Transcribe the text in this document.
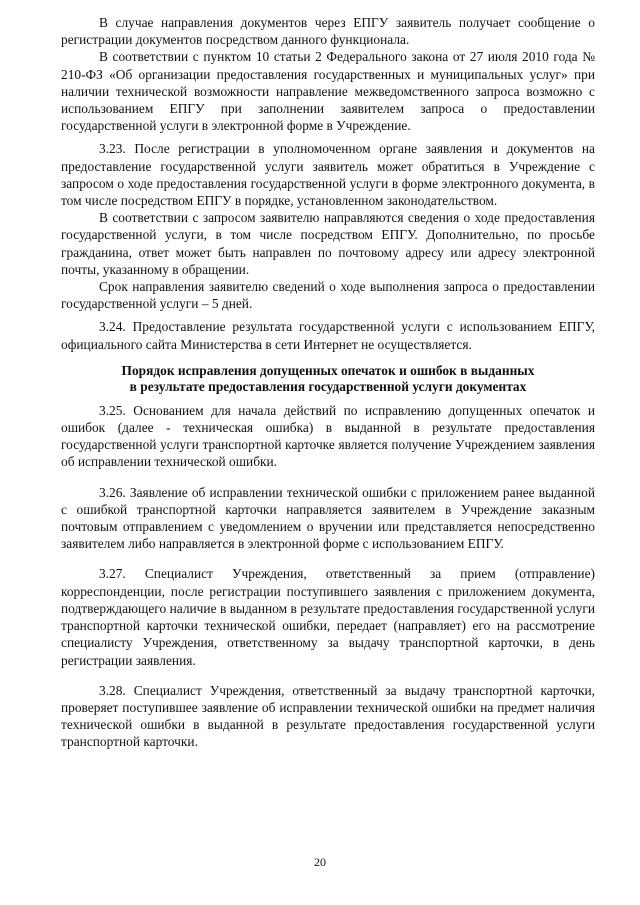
В случае направления документов через ЕПГУ заявитель получает сообщение о регистрации документов посредством данного функционала.

В соответствии с пунктом 10 статьи 2 Федерального закона от 27 июля 2010 года № 210-ФЗ «Об организации предоставления государственных и муниципальных услуг» при наличии технической возможности направление межведомственного запроса возможно с использованием ЕПГУ при заполнении заявителем запроса о предоставлении государственной услуги в электронной форме в Учреждение.

3.23. После регистрации в уполномоченном органе заявления и документов на предоставление государственной услуги заявитель может обратиться в Учреждение с запросом о ходе предоставления государственной услуги в форме электронного документа, в том числе посредством ЕПГУ в порядке, установленном законодательством.

В соответствии с запросом заявителю направляются сведения о ходе предоставления государственной услуги, в том числе посредством ЕПГУ. Дополнительно, по просьбе гражданина, ответ может быть направлен по почтовому адресу или адресу электронной почты, указанному в обращении.

Срок направления заявителю сведений о ходе выполнения запроса о предоставлении государственной услуги – 5 дней.

3.24. Предоставление результата государственной услуги с использованием ЕПГУ, официального сайта Министерства в сети Интернет не осуществляется.

Порядок исправления допущенных опечаток и ошибок в выданных
в результате предоставления государственной услуги документах

3.25. Основанием для начала действий по исправлению допущенных опечаток и ошибок (далее - техническая ошибка) в выданной в результате предоставления государственной услуги транспортной карточке является получение Учреждением заявления об исправлении технической ошибки.

3.26. Заявление об исправлении технической ошибки с приложением ранее выданной с ошибкой транспортной карточки направляется заявителем в Учреждение заказным почтовым отправлением с уведомлением о вручении или представляется непосредственно заявителем либо направляется в электронной форме с использованием ЕПГУ.

3.27. Специалист Учреждения, ответственный за прием (отправление) корреспонденции, после регистрации поступившего заявления с приложением документа, подтверждающего наличие в выданном в результате предоставления государственной услуги транспортной карточки технической ошибки, передает (направляет) его на рассмотрение специалисту Учреждения, ответственному за выдачу транспортной карточки, в день регистрации заявления.

3.28. Специалист Учреждения, ответственный за выдачу транспортной карточки, проверяет поступившее заявление об исправлении технической ошибки на предмет наличия технической ошибки в выданной в результате предоставления государственной услуги транспортной карточки.

20
